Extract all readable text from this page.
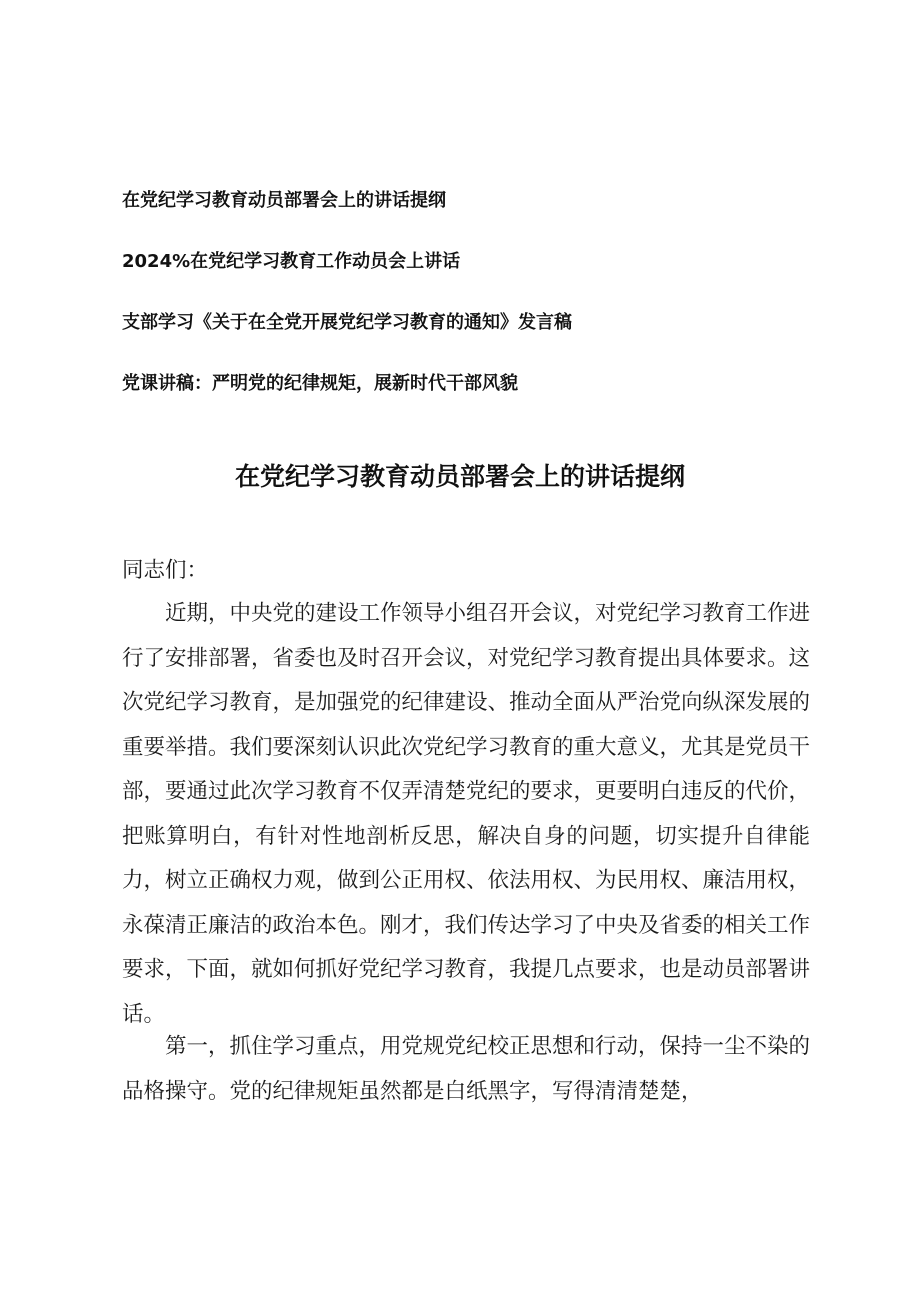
在党纪学习教育动员部署会上的讲话提纲
2024%在党纪学习教育工作动员会上讲话
支部学习《关于在全党开展党纪学习教育的通知》发言稿
党课讲稿：严明党的纪律规矩，展新时代干部风貌
在党纪学习教育动员部署会上的讲话提纲

同志们：

近期，中央党的建设工作领导小组召开会议，对党纪学习教育工作进行了安排部署，省委也及时召开会议，对党纪学习教育提出具体要求。这次党纪学习教育，是加强党的纪律建设、推动全面从严治党向纵深发展的重要举措。我们要深刻认识此次党纪学习教育的重大意义，尤其是党员干部，要通过此次学习教育不仅弄清楚党纪的要求，更要明白违反的代价，把账算明白，有针对性地剖析反思，解决自身的问题，切实提升自律能力，树立正确权力观，做到公正用权、依法用权、为民用权、廉洁用权，永葆清正廉洁的政治本色。刚才，我们传达学习了中央及省委的相关工作要求，下面，就如何抓好党纪学习教育，我提几点要求，也是动员部署讲话。

第一，抓住学习重点，用党规党纪校正思想和行动，保持一尘不染的品格操守。党的纪律规矩虽然都是白纸黑字，写得清清楚楚，
